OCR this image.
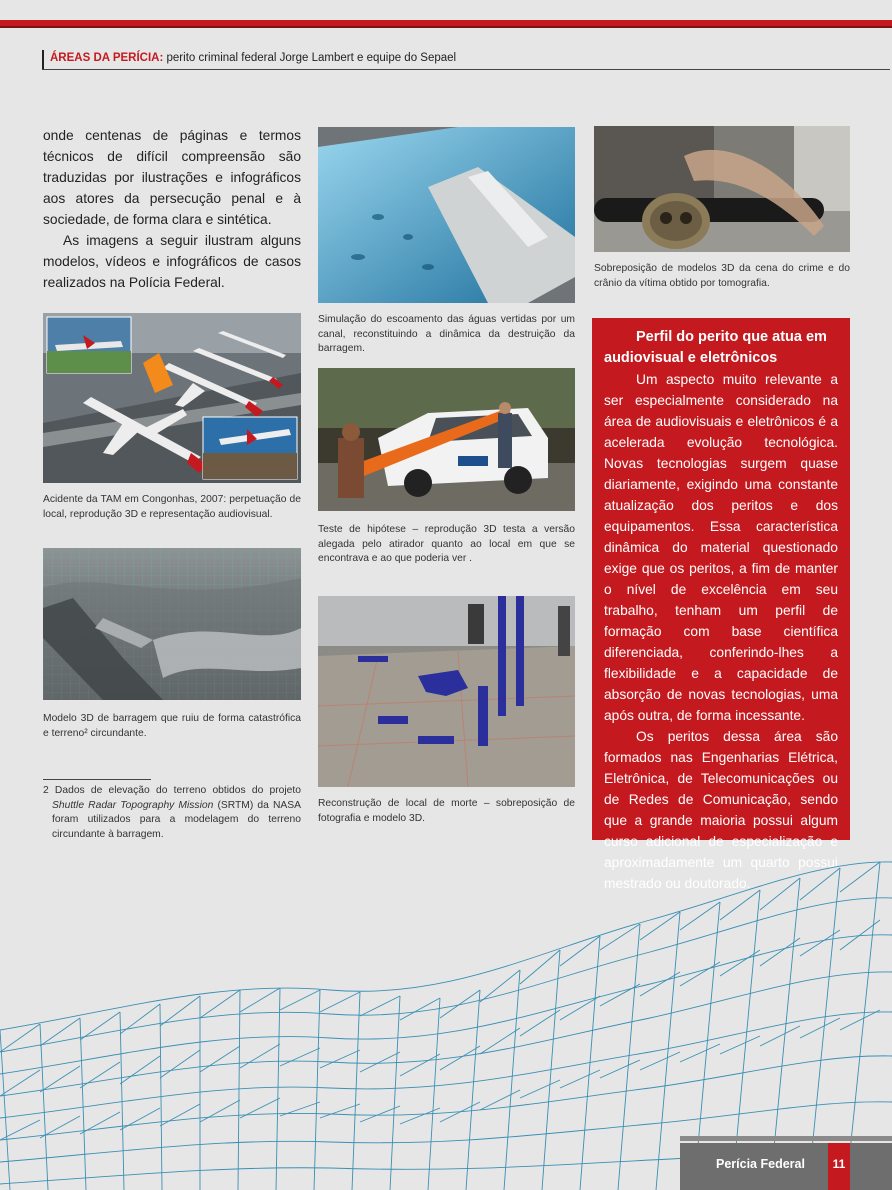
ÁREAS DA PERÍCIA: perito criminal federal Jorge Lambert e equipe do Sepael

onde centenas de páginas e termos técnicos de difícil compreensão são traduzidas por ilustrações e infográficos aos atores da persecução penal e à sociedade, de forma clara e sintética.

As imagens a seguir ilustram alguns modelos, vídeos e infográficos de casos realizados na Polícia Federal.

Acidente da TAM em Congonhas, 2007: perpetuação de local, reprodução 3D e representação audiovisual.
Modelo 3D de barragem que ruiu de forma catastrófica e terreno² circundante.
2 Dados de elevação do terreno obtidos do projeto Shuttle Radar Topography Mission (SRTM) da NASA foram utilizados para a modelagem do terreno circundante à barragem.
Simulação do escoamento das águas vertidas por um canal, reconstituindo a dinâmica da destruição da barragem.
Teste de hipótese – reprodução 3D testa a versão alegada pelo atirador quanto ao local em que se encontrava e ao que poderia ver .
Reconstrução de local de morte – sobreposição de fotografia e modelo 3D.
Sobreposição de modelos 3D da cena do crime e do crânio da vítima obtido por tomografia.
Perfil do perito que atua em audiovisual e eletrônicos

Um aspecto muito relevante a ser especialmente considerado na área de audiovisuais e eletrônicos é a acelerada evolução tecnológica. Novas tecnologias surgem quase diariamente, exigindo uma constante atualização dos peritos e dos equipamentos. Essa característica dinâmica do material questionado exige que os peritos, a fim de manter o nível de excelência em seu trabalho, tenham um perfil de formação com base científica diferenciada, conferindo-lhes a flexibilidade e a capacidade de absorção de novas tecnologias, uma após outra, de forma incessante.

Os peritos dessa área são formados nas Engenharias Elétrica, Eletrônica, de Telecomunicações ou de Redes de Comunicação, sendo que a grande maioria possui algum curso adicional de especialização e aproximadamente um quarto possui mestrado ou doutorado.

Perícia Federal	11
